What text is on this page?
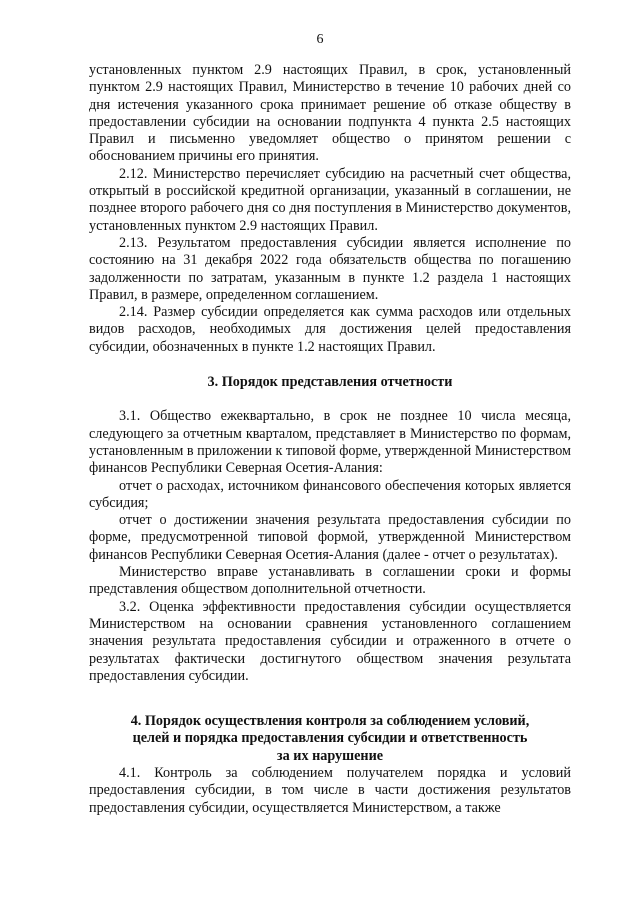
6

установленных пунктом 2.9 настоящих Правил, в срок, установленный пунктом 2.9 настоящих Правил, Министерство в течение 10 рабочих дней со дня истечения указанного срока принимает решение об отказе обществу в предоставлении субсидии на основании подпункта 4 пункта 2.5 настоящих Правил и письменно уведомляет общество о принятом решении с обоснованием причины его принятия.

2.12. Министерство перечисляет субсидию на расчетный счет общества, открытый в российской кредитной организации, указанный в соглашении, не позднее второго рабочего дня со дня поступления в Министерство документов, установленных пунктом 2.9 настоящих Правил.

2.13. Результатом предоставления субсидии является исполнение по состоянию на 31 декабря 2022 года обязательств общества по погашению задолженности по затратам, указанным в пункте 1.2 раздела 1 настоящих Правил, в размере, определенном соглашением.

2.14. Размер субсидии определяется как сумма расходов или отдельных видов расходов, необходимых для достижения целей предоставления субсидии, обозначенных в пункте 1.2 настоящих Правил.

3. Порядок представления отчетности

3.1. Общество ежеквартально, в срок не позднее 10 числа месяца, следующего за отчетным кварталом, представляет в Министерство по формам, установленным в приложении к типовой форме, утвержденной Министерством финансов Республики Северная Осетия-Алания:

отчет о расходах, источником финансового обеспечения которых является субсидия;

отчет о достижении значения результата предоставления субсидии по форме, предусмотренной типовой формой, утвержденной Министерством финансов Республики Северная Осетия-Алания (далее - отчет о результатах).

Министерство вправе устанавливать в соглашении сроки и формы представления обществом дополнительной отчетности.

3.2. Оценка эффективности предоставления субсидии осуществляется Министерством на основании сравнения установленного соглашением значения результата предоставления субсидии и отраженного в отчете о результатах фактически достигнутого обществом значения результата предоставления субсидии.

4. Порядок осуществления контроля за соблюдением условий,
целей и порядка предоставления субсидии и ответственность
за их нарушение

4.1. Контроль за соблюдением получателем порядка и условий предоставления субсидии, в том числе в части достижения результатов предоставления субсидии, осуществляется Министерством, а также
